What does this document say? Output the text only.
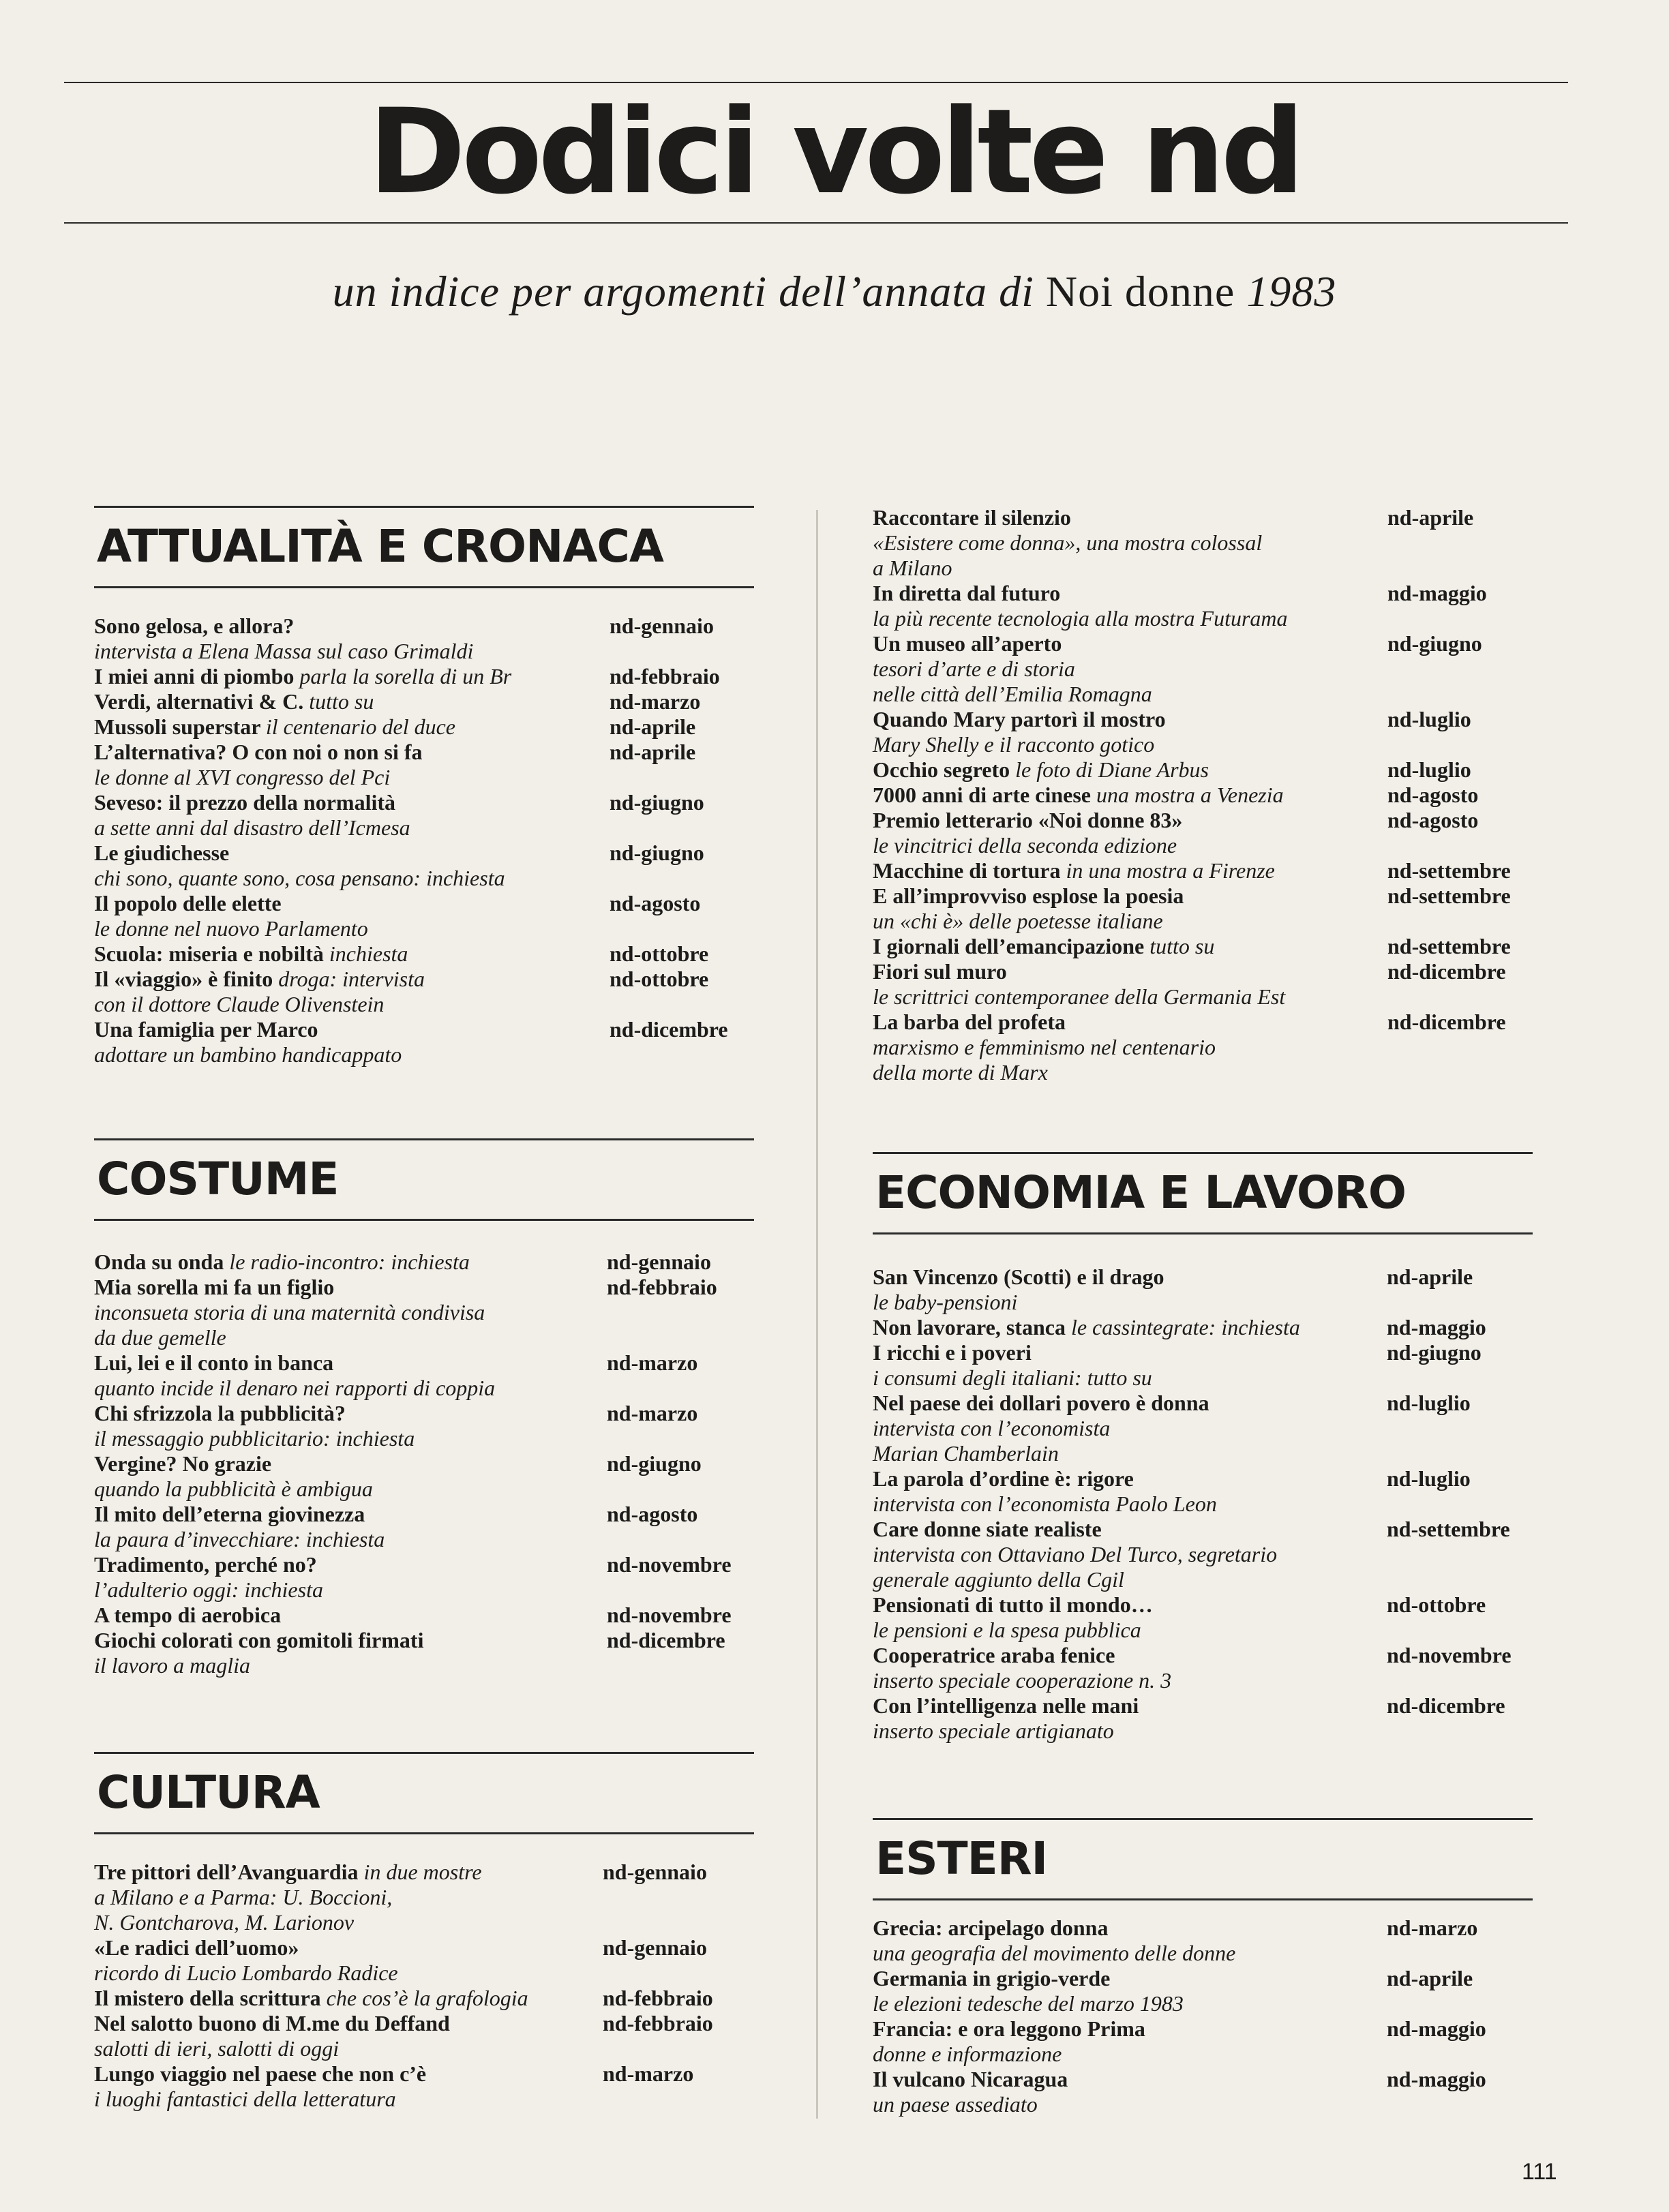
Dodici volte nd
un indice per argomenti dell’annata di Noi donne 1983
ATTUALITÀ E CRONACA
Sono gelosa, e allora?
intervista a Elena Massa sul caso Grimaldi
nd-gennaio
I miei anni di piombo parla la sorella di un Br	nd-febbraio
Verdi, alternativi & C. tutto su	nd-marzo
Mussoli superstar il centenario del duce	nd-aprile
L’alternativa? O con noi o non si fa
le donne al XVI congresso del Pci
nd-aprile
Seveso: il prezzo della normalità
a sette anni dal disastro dell’Icmesa
nd-giugno
Le giudichesse
chi sono, quante sono, cosa pensano: inchiesta
nd-giugno
Il popolo delle elette
le donne nel nuovo Parlamento
nd-agosto
Scuola: miseria e nobiltà inchiesta	nd-ottobre
Il «viaggio» è finito droga: intervista
con il dottore Claude Olivenstein
nd-ottobre
Una famiglia per Marco
adottare un bambino handicappato
nd-dicembre
COSTUME
Onda su onda le radio-incontro: inchiesta	nd-gennaio
Mia sorella mi fa un figlio
inconsueta storia di una maternità condivisa
da due gemelle
nd-febbraio
Lui, lei e il conto in banca
quanto incide il denaro nei rapporti di coppia
nd-marzo
Chi sfrizzola la pubblicità?
il messaggio pubblicitario: inchiesta
nd-marzo
Vergine? No grazie
quando la pubblicità è ambigua
nd-giugno
Il mito dell’eterna giovinezza
la paura d’invecchiare: inchiesta
nd-agosto
Tradimento, perché no?
l’adulterio oggi: inchiesta
nd-novembre
A tempo di aerobica	nd-novembre
Giochi colorati con gomitoli firmati
il lavoro a maglia
nd-dicembre
CULTURA
Tre pittori dell’Avanguardia in due mostre
a Milano e a Parma: U. Boccioni,
N. Gontcharova, M. Larionov
nd-gennaio
«Le radici dell’uomo»
ricordo di Lucio Lombardo Radice
nd-gennaio
Il mistero della scrittura che cos’è la grafologia	nd-febbraio
Nel salotto buono di M.me du Deffand
salotti di ieri, salotti di oggi
nd-febbraio
Lungo viaggio nel paese che non c’è
i luoghi fantastici della letteratura
nd-marzo
Raccontare il silenzio
«Esistere come donna», una mostra colossal
a Milano
nd-aprile
In diretta dal futuro
la più recente tecnologia alla mostra Futurama
nd-maggio
Un museo all’aperto
tesori d’arte e di storia
nelle città dell’Emilia Romagna
nd-giugno
Quando Mary partorì il mostro
Mary Shelly e il racconto gotico
nd-luglio
Occhio segreto le foto di Diane Arbus	nd-luglio
7000 anni di arte cinese una mostra a Venezia	nd-agosto
Premio letterario «Noi donne 83»
le vincitrici della seconda edizione
nd-agosto
Macchine di tortura in una mostra a Firenze	nd-settembre
E all’improvviso esplose la poesia
un «chi è» delle poetesse italiane
nd-settembre
I giornali dell’emancipazione tutto su	nd-settembre
Fiori sul muro
le scrittrici contemporanee della Germania Est
nd-dicembre
La barba del profeta
marxismo e femminismo nel centenario
della morte di Marx
nd-dicembre
ECONOMIA E LAVORO
San Vincenzo (Scotti) e il drago
le baby-pensioni
nd-aprile
Non lavorare, stanca le cassintegrate: inchiesta	nd-maggio
I ricchi e i poveri
i consumi degli italiani: tutto su
nd-giugno
Nel paese dei dollari povero è donna
intervista con l’economista
Marian Chamberlain
nd-luglio
La parola d’ordine è: rigore
intervista con l’economista Paolo Leon
nd-luglio
Care donne siate realiste
intervista con Ottaviano Del Turco, segretario
generale aggiunto della Cgil
nd-settembre
Pensionati di tutto il mondo…
le pensioni e la spesa pubblica
nd-ottobre
Cooperatrice araba fenice
inserto speciale cooperazione n. 3
nd-novembre
Con l’intelligenza nelle mani
inserto speciale artigianato
nd-dicembre
ESTERI
Grecia: arcipelago donna
una geografia del movimento delle donne
nd-marzo
Germania in grigio-verde
le elezioni tedesche del marzo 1983
nd-aprile
Francia: e ora leggono Prima
donne e informazione
nd-maggio
Il vulcano Nicaragua
un paese assediato
nd-maggio
111
